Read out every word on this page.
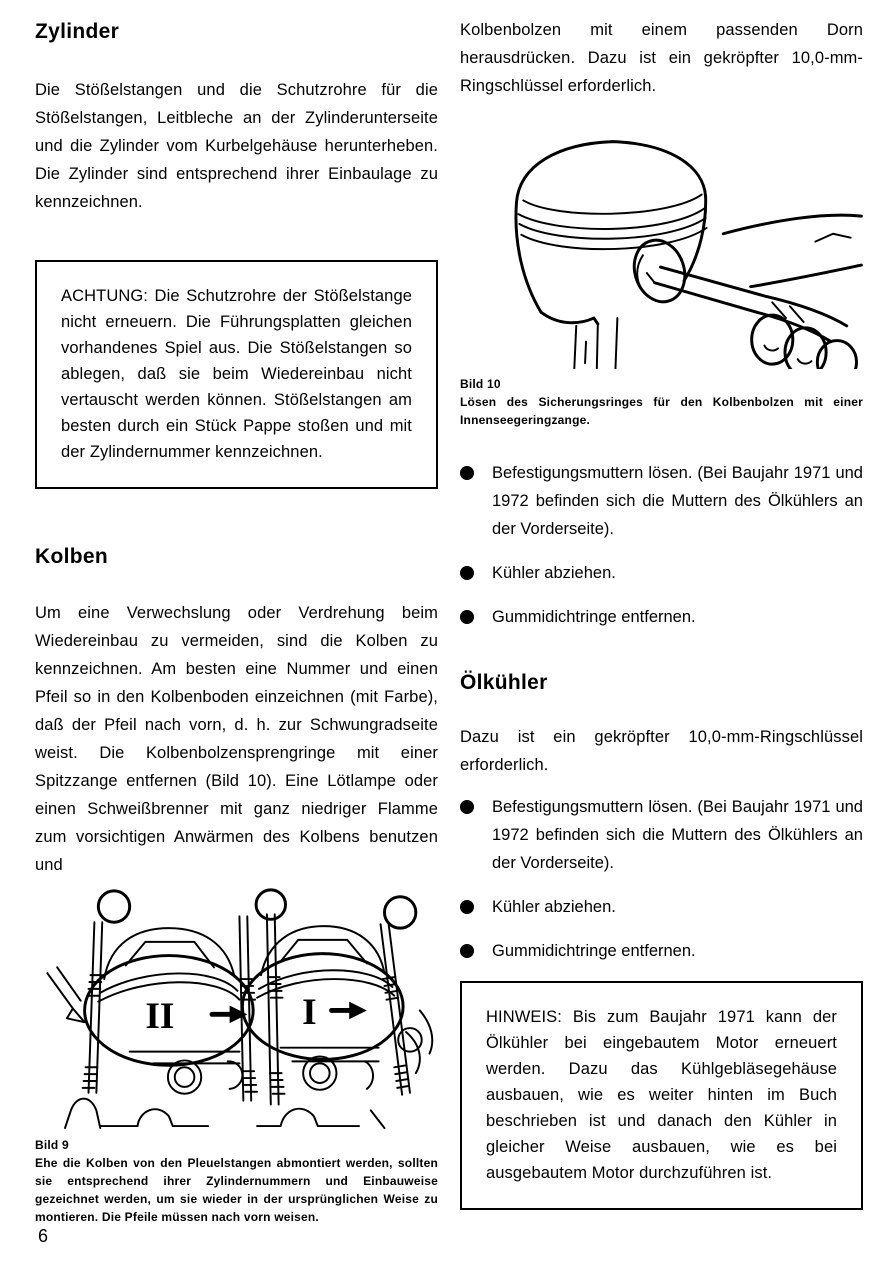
Zylinder

Die Stößelstangen und die Schutzrohre für die Stößelstangen, Leitbleche an der Zylinderunterseite und die Zylinder vom Kurbelgehäuse herunterheben. Die Zylinder sind entsprechend ihrer Einbaulage zu kennzeichnen.

ACHTUNG: Die Schutzrohre der Stößelstange nicht erneuern. Die Führungsplatten gleichen vorhandenes Spiel aus. Die Stößelstangen so ablegen, daß sie beim Wiedereinbau nicht vertauscht werden können. Stößelstangen am besten durch ein Stück Pappe stoßen und mit der Zylindernummer kennzeichnen.

Kolben

Um eine Verwechslung oder Verdrehung beim Wiedereinbau zu vermeiden, sind die Kolben zu kennzeichnen. Am besten eine Nummer und einen Pfeil so in den Kolbenboden einzeichnen (mit Farbe), daß der Pfeil nach vorn, d. h. zur Schwungradseite weist. Die Kolbenbolzensprengringe mit einer Spitzzange entfernen (Bild 10). Eine Lötlampe oder einen Schweißbrenner mit ganz niedriger Flamme zum vorsichtigen Anwärmen des Kolbens benutzen und

II	I
Bild 9
Ehe die Kolben von den Pleuelstangen abmontiert werden, sollten sie entsprechend ihrer Zylindernummern und Einbauweise gezeichnet werden, um sie wieder in der ursprünglichen Weise zu montieren. Die Pfeile müssen nach vorn weisen.

Kolbenbolzen mit einem passenden Dorn herausdrücken. Dazu ist ein gekröpfter 10,0-mm-Ringschlüssel erforderlich.

Bild 10
Lösen des Sicherungsringes für den Kolbenbolzen mit einer Innenseegeringzange.
Befestigungsmuttern lösen. (Bei Baujahr 1971 und 1972 befinden sich die Muttern des Ölkühlers an der Vorderseite).
Kühler abziehen.
Gummidichtringe entfernen.
Ölkühler

Dazu ist ein gekröpfter 10,0-mm-Ringschlüssel erforderlich.

Befestigungsmuttern lösen. (Bei Baujahr 1971 und 1972 befinden sich die Muttern des Ölkühlers an der Vorderseite).
Kühler abziehen.
Gummidichtringe entfernen.

HINWEIS: Bis zum Baujahr 1971 kann der Ölkühler bei eingebautem Motor erneuert werden. Dazu das Kühlgebläsegehäuse ausbauen, wie es weiter hinten im Buch beschrieben ist und danach den Kühler in gleicher Weise ausbauen, wie es bei ausgebautem Motor durchzuführen ist.

6
